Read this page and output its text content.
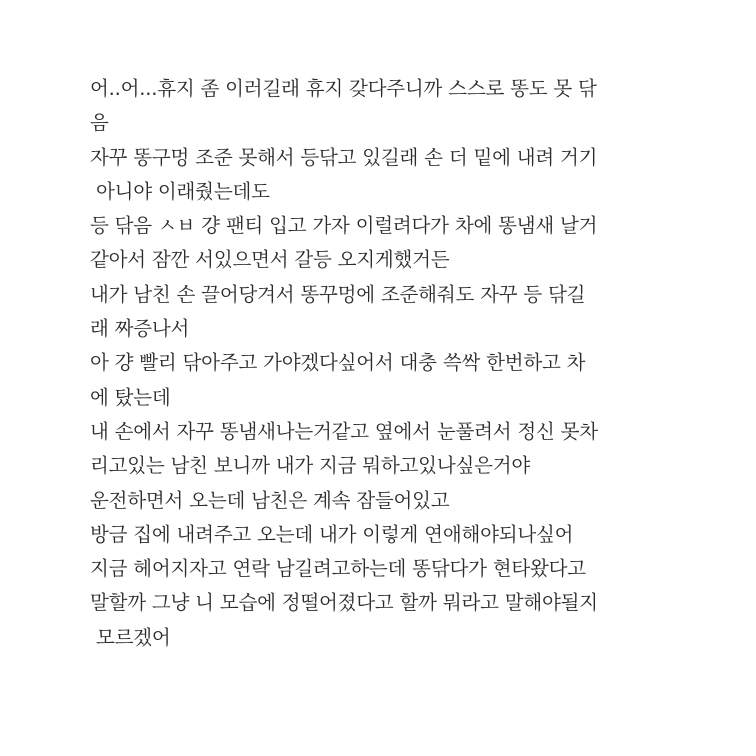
어..어...휴지 좀 이러길래 휴지 갖다주니까 스스로 똥도 못 닦
음
자꾸 똥구멍 조준 못해서 등닦고 있길래 손 더 밑에 내려 거기
아니야 이래줬는데도
등 닦음 ㅅㅂ 걍 팬티 입고 가자 이럴려다가 차에 똥냄새 날거
같아서 잠깐 서있으면서 갈등 오지게했거든
내가 남친 손 끌어당겨서 똥꾸멍에 조준해줘도 자꾸 등 닦길
래 짜증나서
아 걍 빨리 닦아주고 가야겠다싶어서 대충 쓱싹 한번하고 차
에 탔는데
내 손에서 자꾸 똥냄새나는거같고 옆에서 눈풀려서 정신 못차
리고있는 남친 보니까 내가 지금 뭐하고있나싶은거야
운전하면서 오는데 남친은 계속 잠들어있고
방금 집에 내려주고 오는데 내가 이렇게 연애해야되나싶어
지금 헤어지자고 연락 남길려고하는데 똥닦다가 현타왔다고
말할까 그냥 니 모습에 정떨어졌다고 할까 뭐라고 말해야될지
모르겠어
